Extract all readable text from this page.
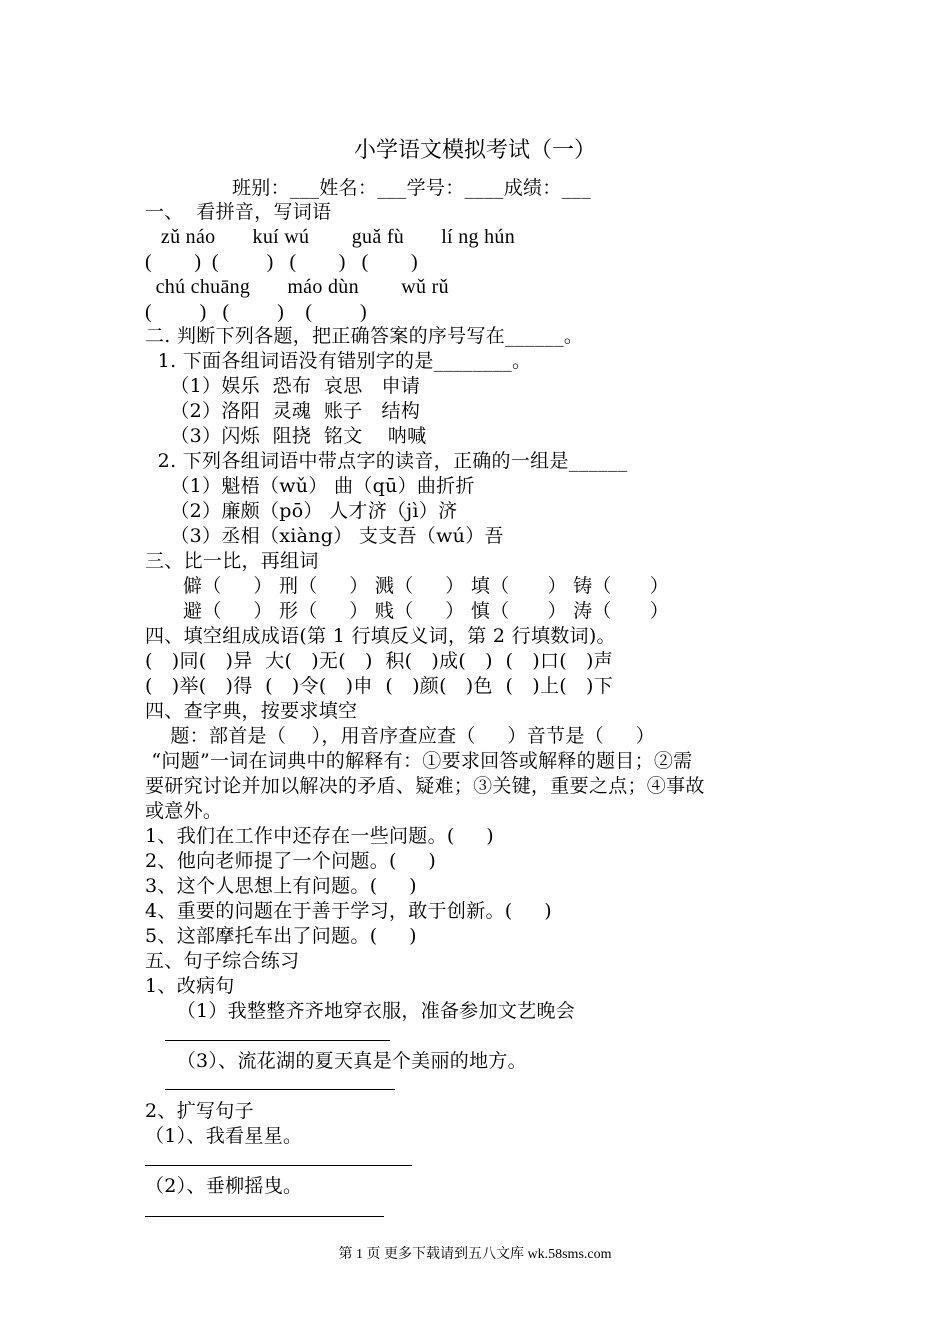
小学语文模拟考试（一）
班别：___姓名：___学号：____成绩：___
一、  看拼音，写词语
zǔ náo       kuí wú        guǎ fù       lí ng hún
(        )  (         )   (        )   (        )
chú chuāng       máo dùn        wǔ rǔ
(         )   (         )    (         )
二. 判断下列各题，把正确答案的序号写在______。
1. 下面各组词语没有错别字的是________。
（1）娱乐  恐布  哀思   申请
（2）洛阳  灵魂  账子   结构
（3）闪烁  阻挠  铭文    呐喊
2. 下列各组词语中带点字的读音，正确的一组是______
（1）魁梧（wǔ） 曲（qū）曲折折
（2）廉颇（pō） 人才济（jì）济
（3）丞相（xiàng） 支支吾（wú）吾
三、比一比，再组词
僻（     ） 刑（     ） 溅（     ） 填（      ） 铸（      ）
避（     ） 形（     ） 贱（     ） 慎（      ） 涛（      ）
四、填空组成成语(第 1 行填反义词，第 2 行填数词)。
(   )同(   )异  大(   )无(   )  积(   )成(   )  (   )口(   )声
(   )举(   )得  (   )令(   )申  (   )颜(   )色  (   )上(   )下
四、查字典，按要求填空
题：部首是（    ），用音序查应查（     ）音节是（     ）
“问题”一词在词典中的解释有：①要求回答或解释的题目；②需
要研究讨论并加以解决的矛盾、疑难；③关键，重要之点；④事故
或意外。
1、我们在工作中还存在一些问题。(     )
2、他向老师提了一个问题。(     )
3、这个人思想上有问题。(     )
4、重要的问题在于善于学习，敢于创新。(     )
5、这部摩托车出了问题。(     )
五、句子综合练习
1、改病句
（1）我整整齐齐地穿衣服，准备参加文艺晚会
（3）、流花湖的夏天真是个美丽的地方。
2、扩写句子
（1）、我看星星。
（2）、垂柳摇曳。
第 1 页 更多下载请到五八文库 wk.58sms.com
